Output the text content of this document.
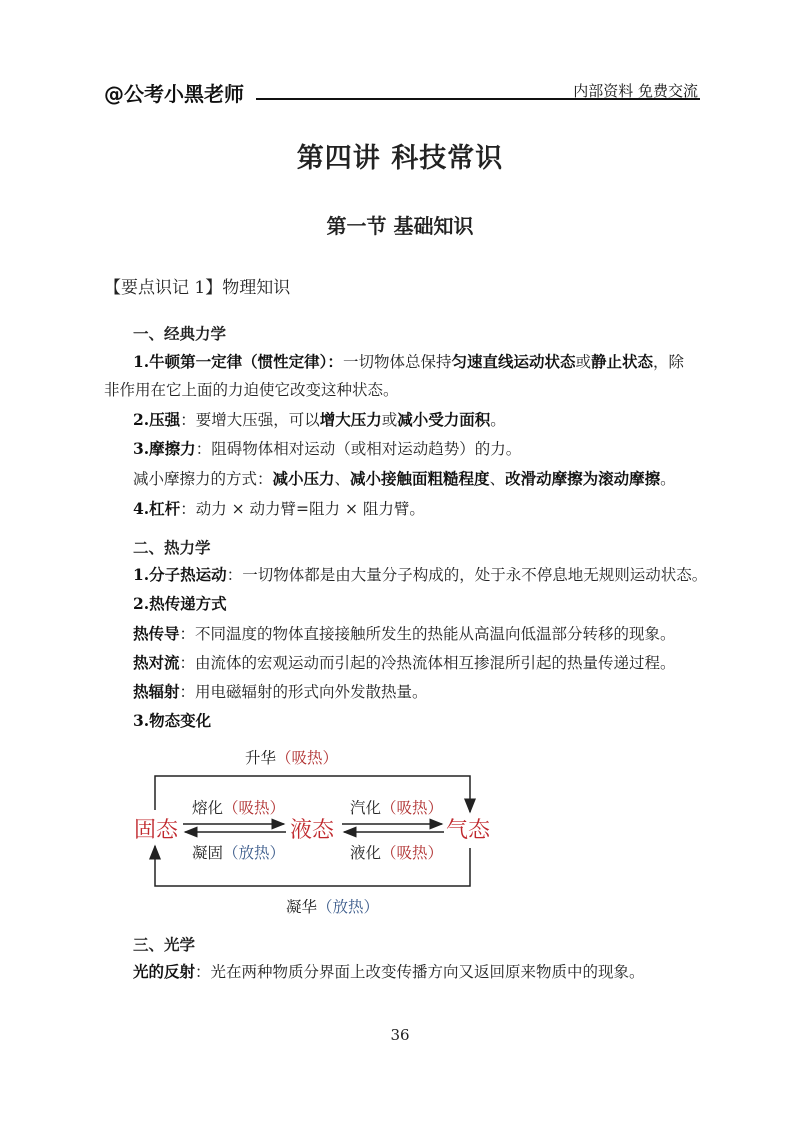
@公考小黑老师	内部资料 免费交流
第四讲 科技常识
第一节 基础知识
【要点识记 1】物理知识
一、经典力学
1.牛顿第一定律（惯性定律）：一切物体总保持匀速直线运动状态或静止状态，除
非作用在它上面的力迫使它改变这种状态。
2.压强：要增大压强，可以增大压力或减小受力面积。
3.摩擦力：阻碍物体相对运动（或相对运动趋势）的力。
减小摩擦力的方式：减小压力、减小接触面粗糙程度、改滑动摩擦为滚动摩擦。
4.杠杆：动力 × 动力臂=阻力 × 阻力臂。
二、热力学
1.分子热运动：一切物体都是由大量分子构成的，处于永不停息地无规则运动状态。
2.热传递方式
热传导：不同温度的物体直接接触所发生的热能从高温向低温部分转移的现象。
热对流：由流体的宏观运动而引起的冷热流体相互掺混所引起的热量传递过程。
热辐射：用电磁辐射的形式向外发散热量。
3.物态变化
升华（吸热）
熔化（吸热）	汽化（吸热）
凝固（放热）	液化（吸热）
凝华（放热）
固态	液态	气态
三、光学
光的反射：光在两种物质分界面上改变传播方向又返回原来物质中的现象。
36
